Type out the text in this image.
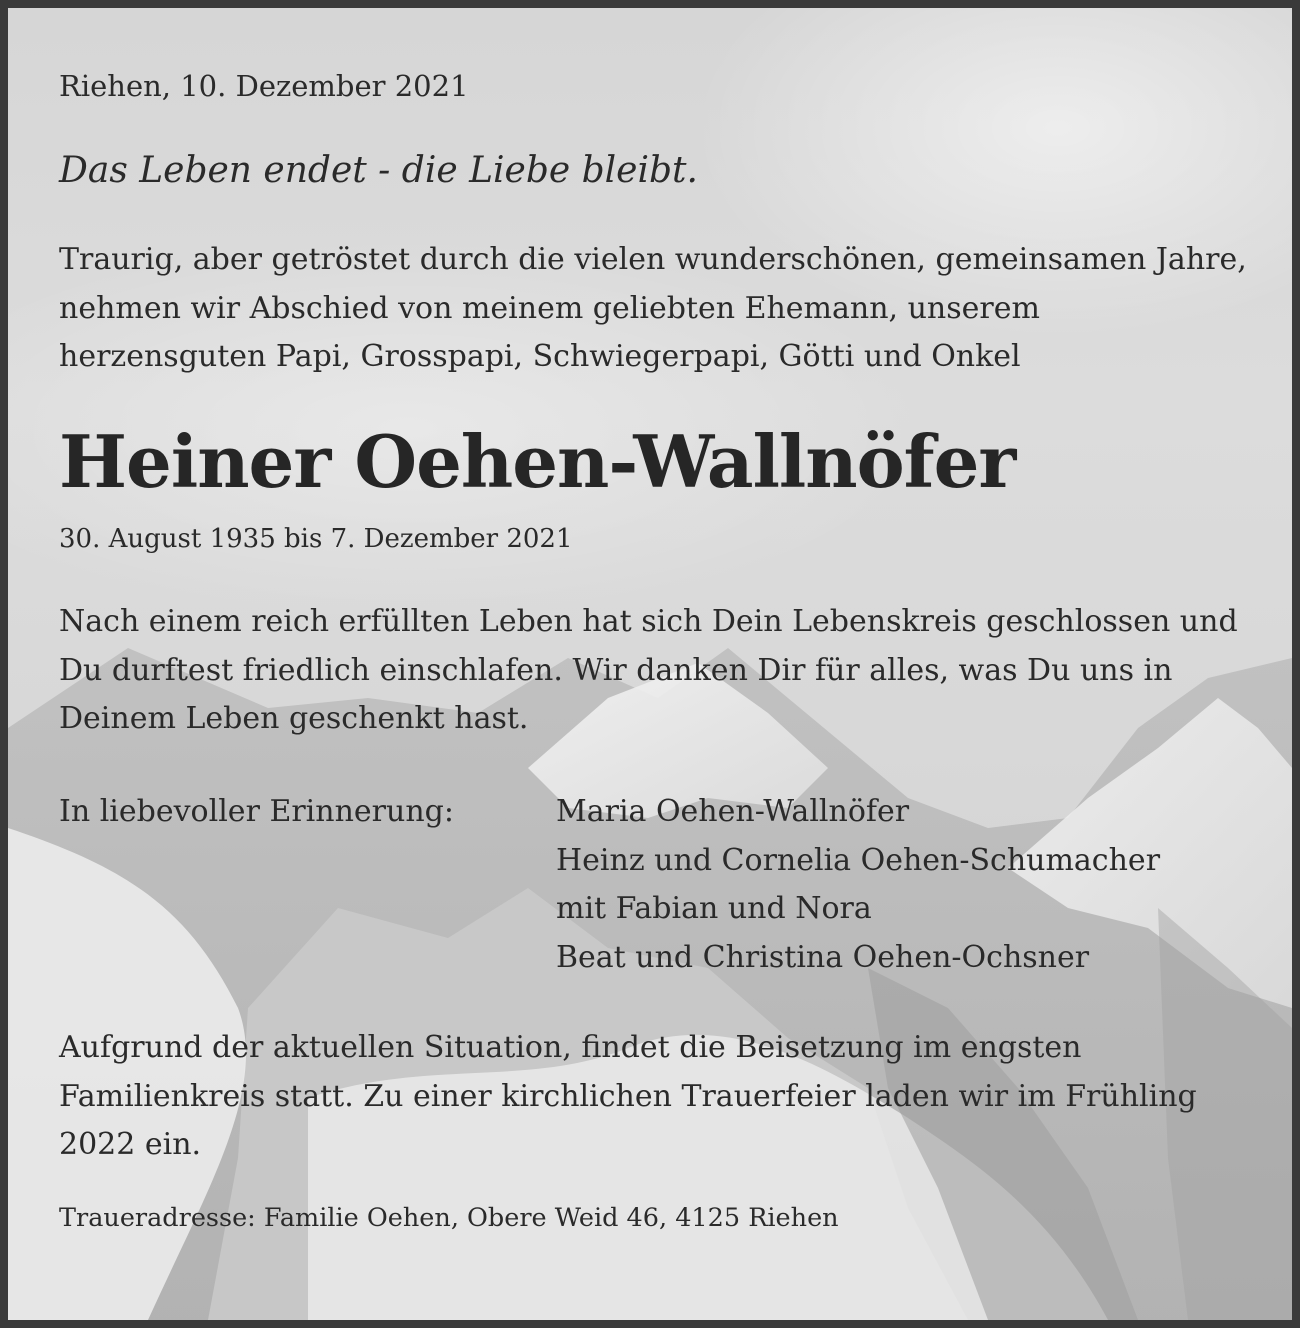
Riehen, 10. Dezember 2021

Das Leben endet - die Liebe bleibt.

Traurig, aber getröstet durch die vielen wunderschönen, gemeinsamen Jahre, nehmen wir Abschied von meinem geliebten Ehemann, unserem herzensguten Papi, Grosspapi, Schwiegerpapi, Götti und Onkel

Heiner Oehen-Wallnöfer

30. August 1935 bis 7. Dezember 2021

Nach einem reich erfüllten Leben hat sich Dein Lebenskreis geschlossen und Du durftest friedlich einschlafen. Wir danken Dir für alles, was Du uns in Deinem Leben geschenkt hast.

In liebevoller Erinnerung:	Maria Oehen-Wallnöfer
Heinz und Cornelia Oehen-Schumacher
mit Fabian und Nora
Beat und Christina Oehen-Ochsner

Aufgrund der aktuellen Situation, findet die Beisetzung im engsten Familienkreis statt. Zu einer kirchlichen Trauerfeier laden wir im Frühling 2022 ein.

Traueradresse: Familie Oehen, Obere Weid 46, 4125 Riehen
